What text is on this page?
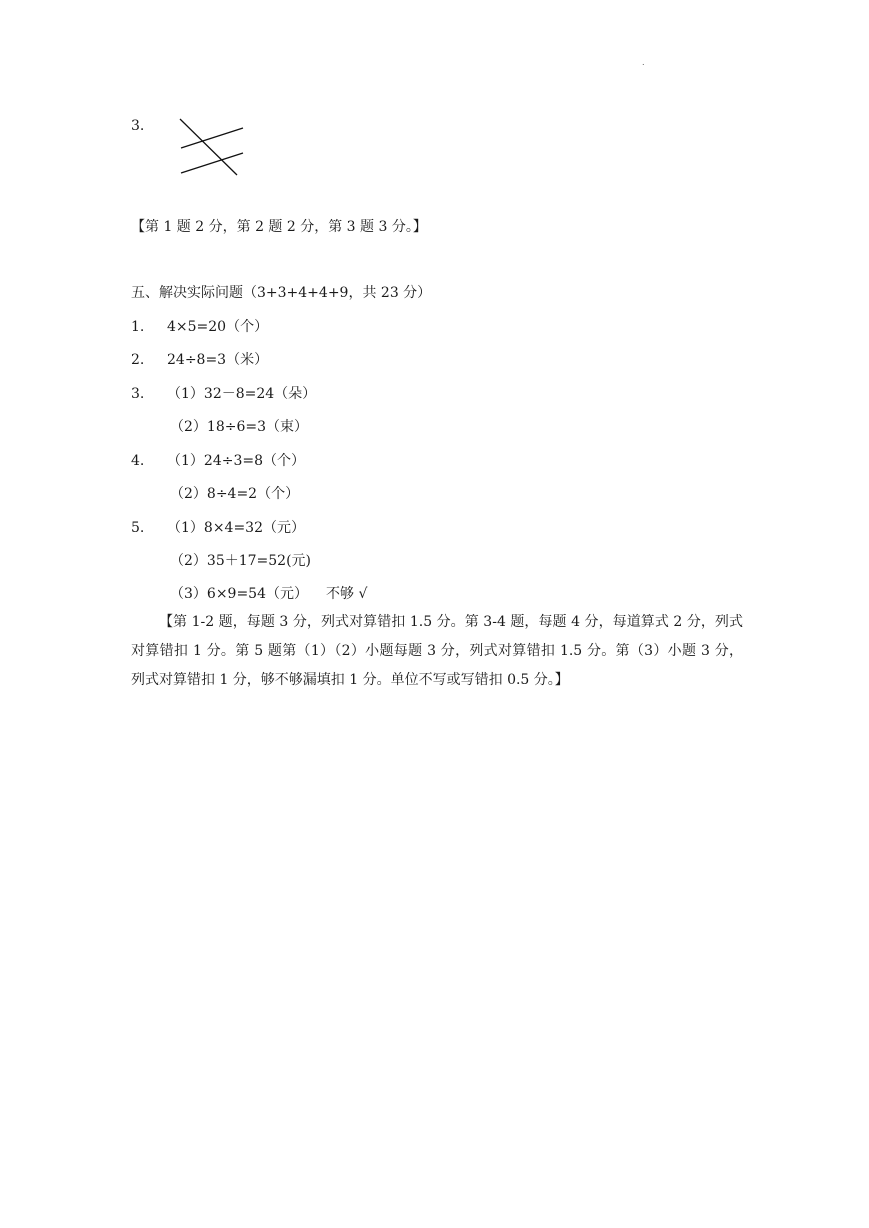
.
3.
【第 1 题 2 分，第 2 题 2 分，第 3 题 3 分。】
五、解决实际问题（3+3+4+4+9，共 23 分）
1. 4×5=20（个）
2. 24÷8=3（米）
3. （1）32－8=24（朵）
（2）18÷6=3（束）
4. （1）24÷3=8（个）
（2）8÷4=2（个）
5. （1）8×4=32（元）
（2）35＋17=52(元)
（3）6×9=54（元） 不够 √
【第 1-2 题，每题 3 分，列式对算错扣 1.5 分。第 3-4 题，每题 4 分，每道算式 2 分，列式对算错扣 1 分。第 5 题第（1）（2）小题每题 3 分，列式对算错扣 1.5 分。第（3）小题 3 分，列式对算错扣 1 分，够不够漏填扣 1 分。单位不写或写错扣 0.5 分。】
